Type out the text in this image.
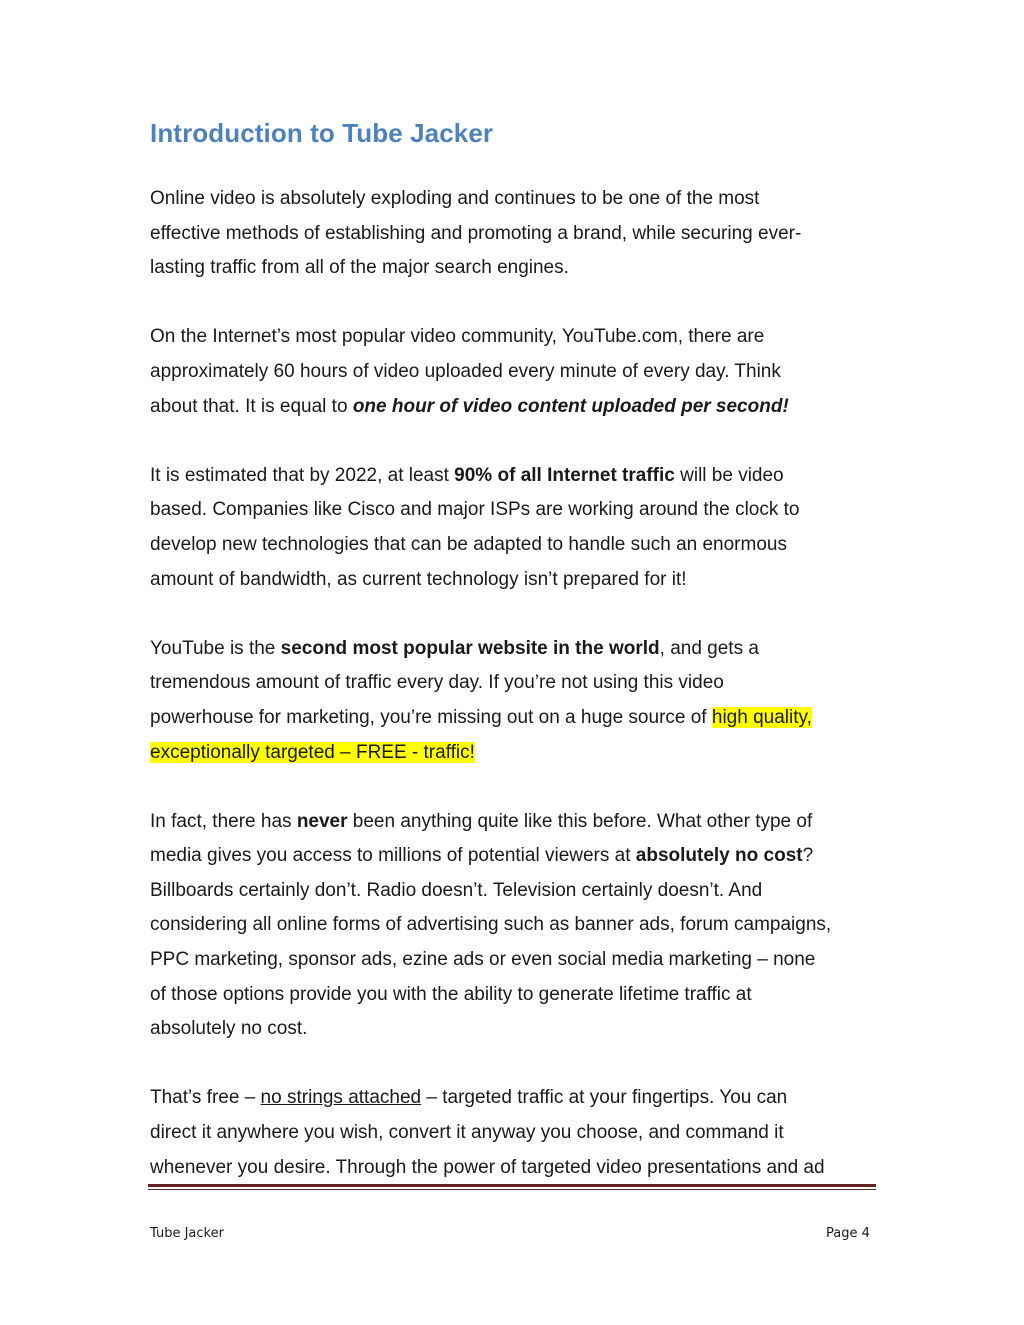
Introduction to Tube Jacker

Online video is absolutely exploding and continues to be one of the most
effective methods of establishing and promoting a brand, while securing ever-
lasting traffic from all of the major search engines.

On the Internet’s most popular video community, YouTube.com, there are
approximately 60 hours of video uploaded every minute of every day. Think
about that. It is equal to one hour of video content uploaded per second!

It is estimated that by 2022, at least 90% of all Internet traffic will be video
based. Companies like Cisco and major ISPs are working around the clock to
develop new technologies that can be adapted to handle such an enormous
amount of bandwidth, as current technology isn’t prepared for it!

YouTube is the second most popular website in the world, and gets a
tremendous amount of traffic every day. If you’re not using this video
powerhouse for marketing, you’re missing out on a huge source of high quality,
exceptionally targeted – FREE - traffic!

In fact, there has never been anything quite like this before. What other type of
media gives you access to millions of potential viewers at absolutely no cost?
Billboards certainly don’t. Radio doesn’t. Television certainly doesn’t. And
considering all online forms of advertising such as banner ads, forum campaigns,
PPC marketing, sponsor ads, ezine ads or even social media marketing – none
of those options provide you with the ability to generate lifetime traffic at
absolutely no cost.

That’s free – no strings attached – targeted traffic at your fingertips. You can
direct it anywhere you wish, convert it anyway you choose, and command it
whenever you desire. Through the power of targeted video presentations and ad

Tube Jacker	Page 4
